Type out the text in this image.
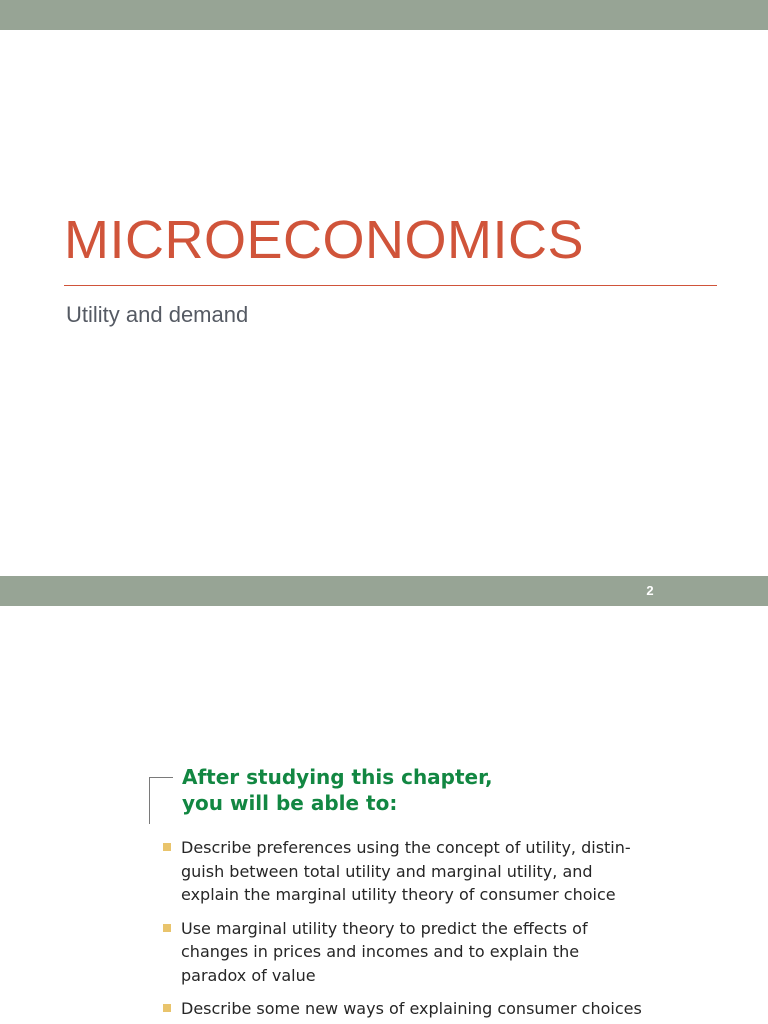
MICROECONOMICS
Utility and demand
2
After studying this chapter,
you will be able to:
Describe preferences using the concept of utility, distin-
guish between total utility and marginal utility, and
explain the marginal utility theory of consumer choice
Use marginal utility theory to predict the effects of
changes in prices and incomes and to explain the
paradox of value
Describe some new ways of explaining consumer choices
